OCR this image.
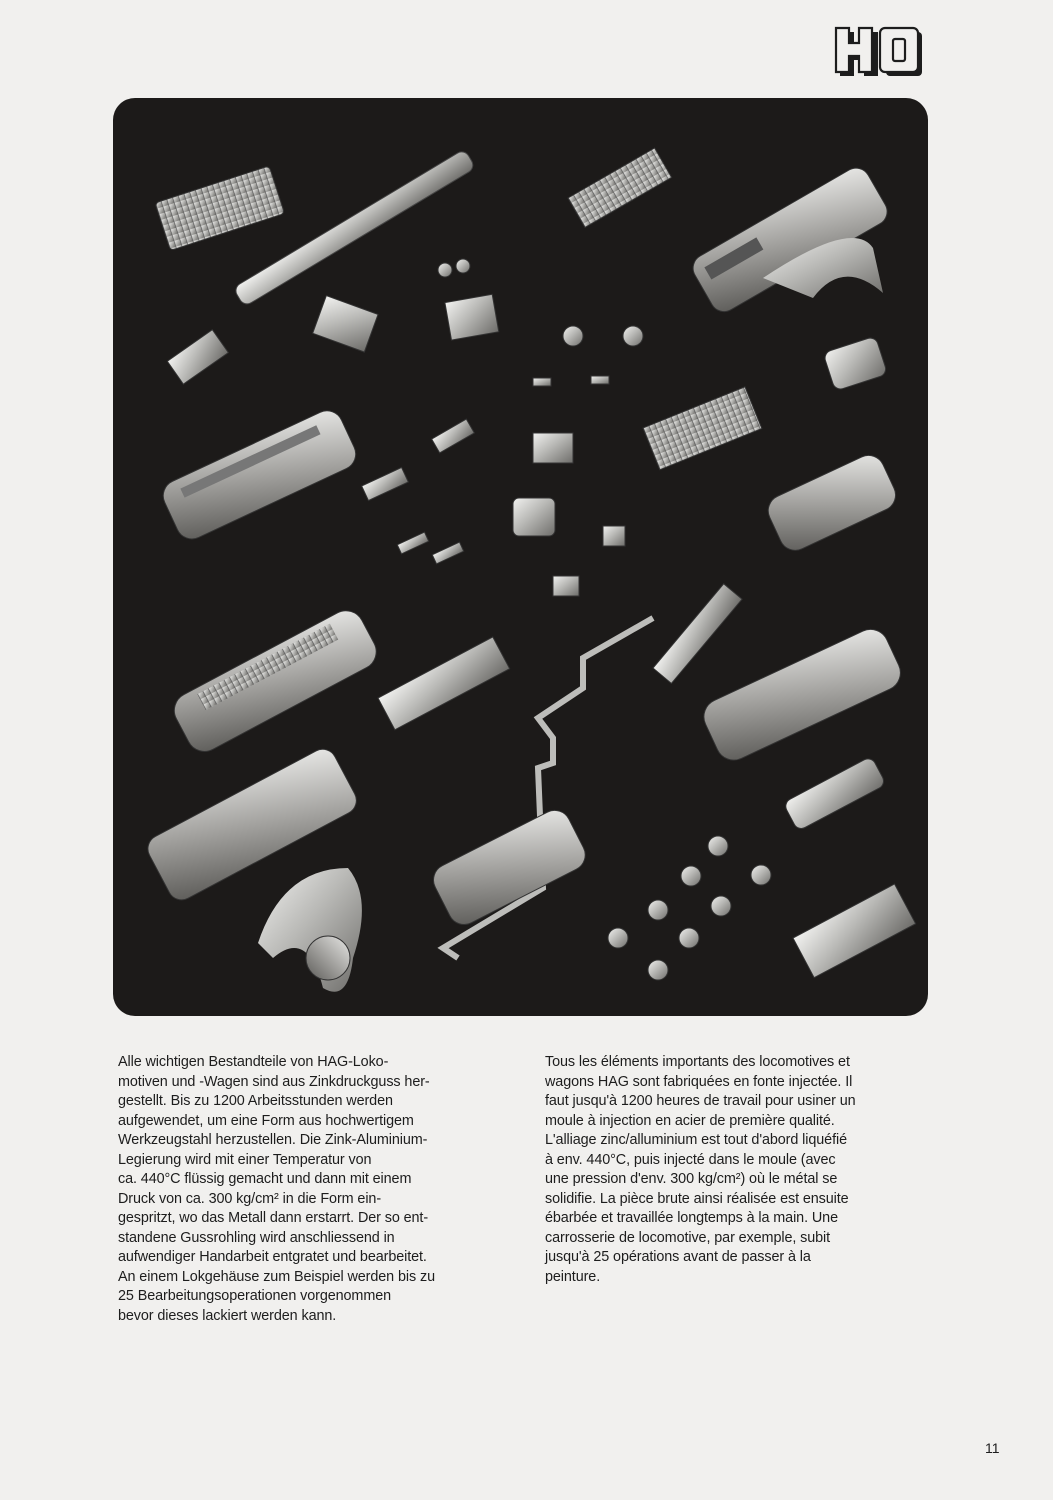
Alle wichtigen Bestandteile von HAG-Loko-
motiven und -Wagen sind aus Zinkdruckguss her-
gestellt. Bis zu 1200 Arbeitsstunden werden
aufgewendet, um eine Form aus hochwertigem
Werkzeugstahl herzustellen. Die Zink-Aluminium-
Legierung wird mit einer Temperatur von
ca. 440°C flüssig gemacht und dann mit einem
Druck von ca. 300 kg/cm² in die Form ein-
gespritzt, wo das Metall dann erstarrt. Der so ent-
standene Gussrohling wird anschliessend in
aufwendiger Handarbeit entgratet und bearbeitet.
An einem Lokgehäuse zum Beispiel werden bis zu
25 Bearbeitungsoperationen vorgenommen
bevor dieses lackiert werden kann.
Tous les éléments importants des locomotives et
wagons HAG sont fabriquées en fonte injectée. Il
faut jusqu'à 1200 heures de travail pour usiner un
moule à injection en acier de première qualité.
L'alliage zinc/alluminium est tout d'abord liquéfié
à env. 440°C, puis injecté dans le moule (avec
une pression d'env. 300 kg/cm²) où le métal se
solidifie. La pièce brute ainsi réalisée est ensuite
ébarbée et travaillée longtemps à la main. Une
carrosserie de locomotive, par exemple, subit
jusqu'à 25 opérations avant de passer à la
peinture.
11
